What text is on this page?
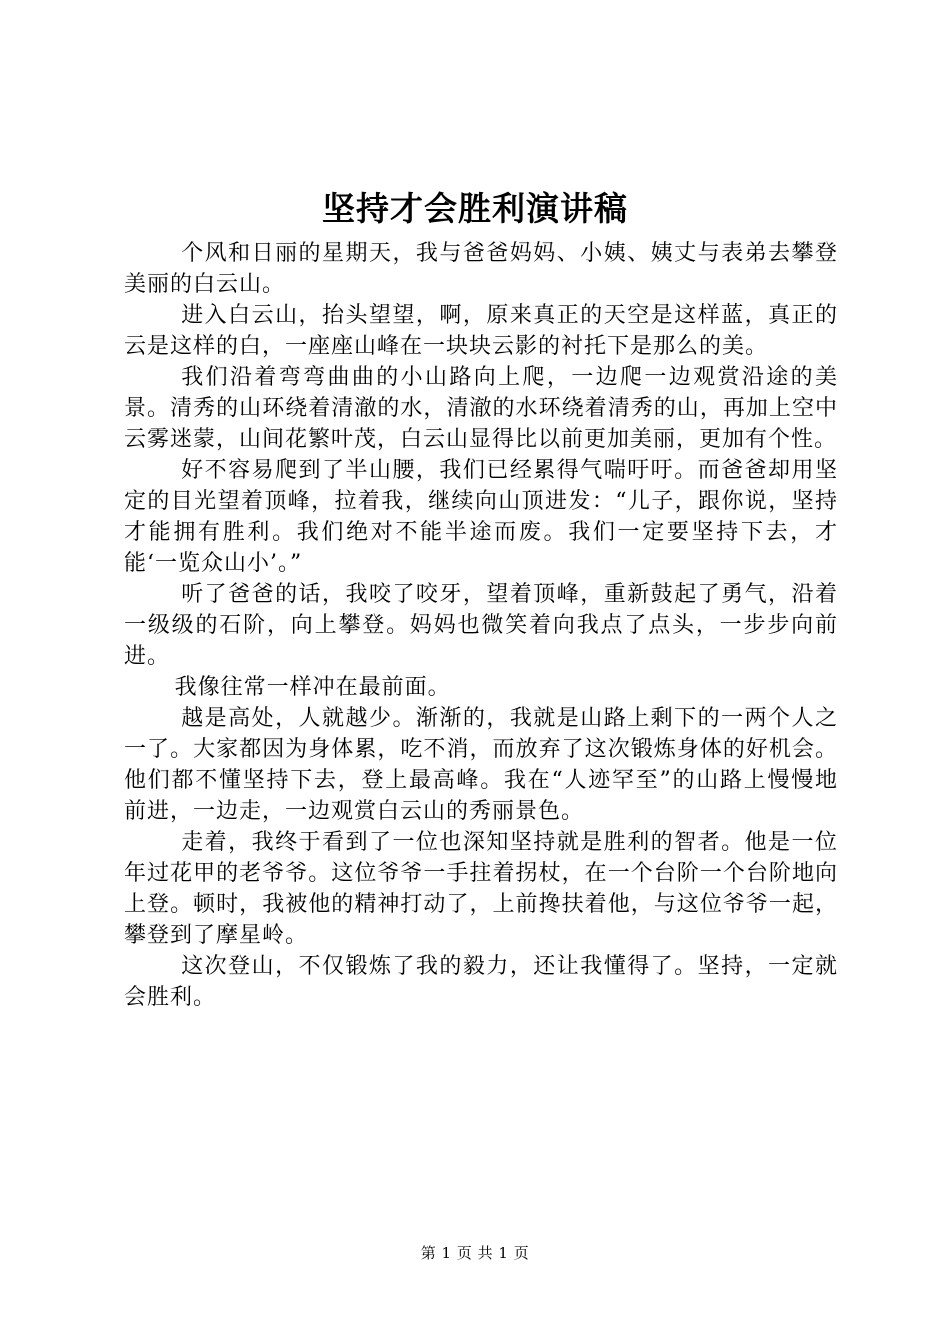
坚持才会胜利演讲稿

个风和日丽的星期天，我与爸爸妈妈、小姨、姨丈与表弟去攀登美丽的白云山。

进入白云山，抬头望望，啊，原来真正的天空是这样蓝，真正的云是这样的白，一座座山峰在一块块云影的衬托下是那么的美。

我们沿着弯弯曲曲的小山路向上爬，一边爬一边观赏沿途的美景。清秀的山环绕着清澈的水，清澈的水环绕着清秀的山，再加上空中云雾迷蒙，山间花繁叶茂，白云山显得比以前更加美丽，更加有个性。

好不容易爬到了半山腰，我们已经累得气喘吁吁。而爸爸却用坚定的目光望着顶峰，拉着我，继续向山顶进发：“儿子，跟你说，坚持才能拥有胜利。我们绝对不能半途而废。我们一定要坚持下去，才能‘一览众山小’。”

听了爸爸的话，我咬了咬牙，望着顶峰，重新鼓起了勇气，沿着一级级的石阶，向上攀登。妈妈也微笑着向我点了点头，一步步向前进。

我像往常一样冲在最前面。

越是高处，人就越少。渐渐的，我就是山路上剩下的一两个人之一了。大家都因为身体累，吃不消，而放弃了这次锻炼身体的好机会。他们都不懂坚持下去，登上最高峰。我在“人迹罕至”的山路上慢慢地前进，一边走，一边观赏白云山的秀丽景色。

走着，我终于看到了一位也深知坚持就是胜利的智者。他是一位年过花甲的老爷爷。这位爷爷一手拄着拐杖，在一个台阶一个台阶地向上登。顿时，我被他的精神打动了，上前搀扶着他，与这位爷爷一起，攀登到了摩星岭。

这次登山，不仅锻炼了我的毅力，还让我懂得了。坚持，一定就会胜利。

第 1 页 共 1 页
